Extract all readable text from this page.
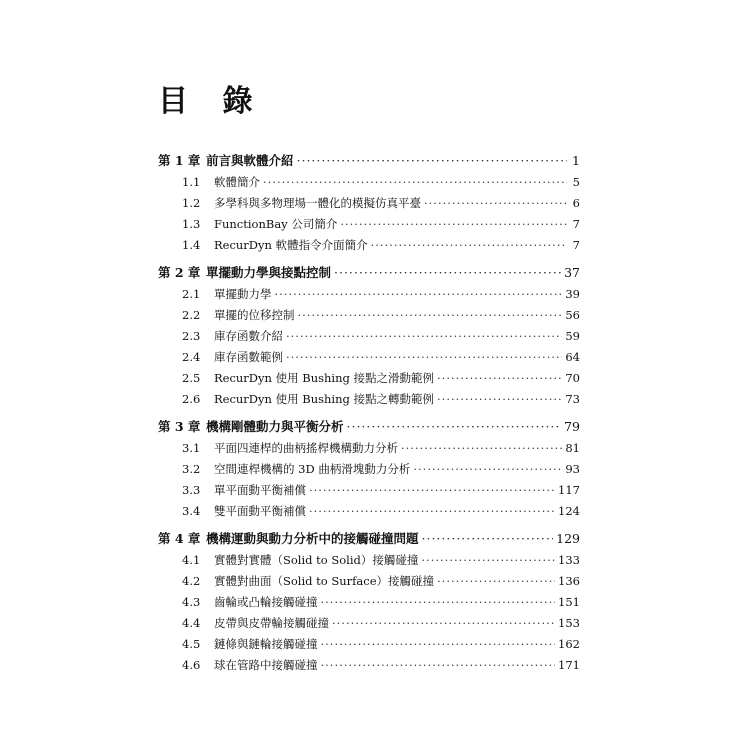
目 錄
第 1 章 前言與軟體介紹 ·····	1
1.1	軟體簡介 ·····	5
1.2	多學科與多物理場一體化的模擬仿真平臺 ·····	6
1.3	FunctionBay 公司簡介 ·····	7
1.4	RecurDyn 軟體指令介面簡介 ·····	7
第 2 章 單擺動力學與接點控制 ·····	37
2.1	單擺動力學 ·····	39
2.2	單擺的位移控制 ·····	56
2.3	庫存函數介紹 ·····	59
2.4	庫存函數範例 ·····	64
2.5	RecurDyn 使用 Bushing 接點之滑動範例 ·····	70
2.6	RecurDyn 使用 Bushing 接點之轉動範例 ·····	73
第 3 章 機構剛體動力與平衡分析 ·····	79
3.1	平面四連桿的曲柄搖桿機構動力分析 ·····	81
3.2	空間連桿機構的 3D 曲柄滑塊動力分析 ·····	93
3.3	單平面動平衡補償 ·····	117
3.4	雙平面動平衡補償 ·····	124
第 4 章 機構運動與動力分析中的接觸碰撞問題 ·····	129
4.1	實體對實體（Solid to Solid）接觸碰撞 ·····	133
4.2	實體對曲面（Solid to Surface）接觸碰撞 ·····	136
4.3	齒輪或凸輪接觸碰撞 ·····	151
4.4	皮帶與皮帶輪接觸碰撞 ·····	153
4.5	鏈條與鏈輪接觸碰撞 ·····	162
4.6	球在管路中接觸碰撞 ·····	171
